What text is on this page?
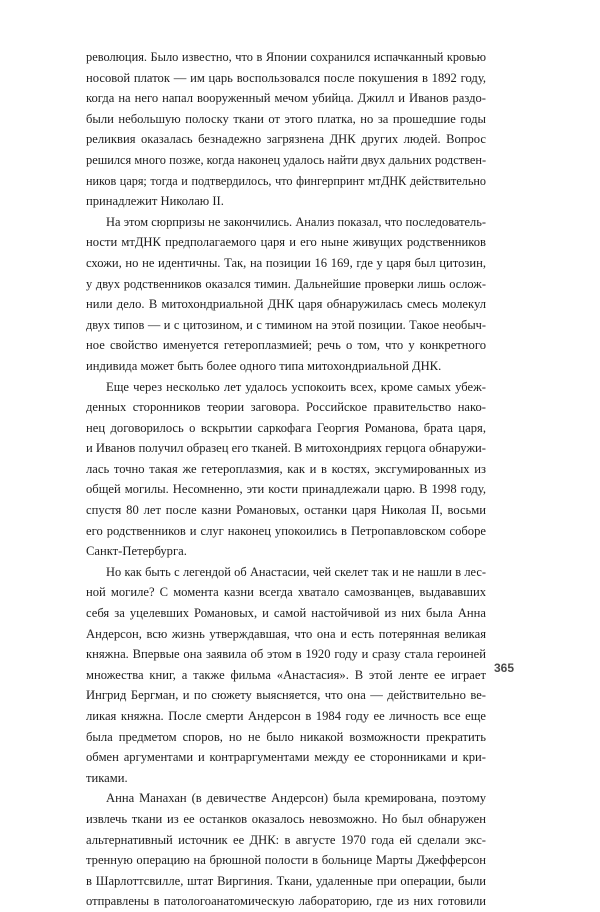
революция. Было известно, что в Японии сохранился испачканный кровью
носовой платок — им царь воспользовался после покушения в 1892 году,
когда на него напал вооруженный мечом убийца. Джилл и Иванов раздо-
были небольшую полоску ткани от этого платка, но за прошедшие годы
реликвия оказалась безнадежно загрязнена ДНК других людей. Вопрос
решился много позже, когда наконец удалось найти двух дальних родствен-
ников царя; тогда и подтвердилось, что фингерпринт мтДНК действительно
принадлежит Николаю II.
На этом сюрпризы не закончились. Анализ показал, что последователь-
ности мтДНК предполагаемого царя и его ныне живущих родственников
схожи, но не идентичны. Так, на позиции 16 169, где у царя был цитозин,
у двух родственников оказался тимин. Дальнейшие проверки лишь ослож-
нили дело. В митохондриальной ДНК царя обнаружилась смесь молекул
двух типов — и с цитозином, и с тимином на этой позиции. Такое необыч-
ное свойство именуется гетероплазмией; речь о том, что у конкретного
индивида может быть более одного типа митохондриальной ДНК.
Еще через несколько лет удалось успокоить всех, кроме самых убеж-
денных сторонников теории заговора. Российское правительство нако-
нец договорилось о вскрытии саркофага Георгия Романова, брата царя,
и Иванов получил образец его тканей. В митохондриях герцога обнаружи-
лась точно такая же гетероплазмия, как и в костях, эксгумированных из
общей могилы. Несомненно, эти кости принадлежали царю. В 1998 году,
спустя 80 лет после казни Романовых, останки царя Николая II, восьми
его родственников и слуг наконец упокоились в Петропавловском соборе
Санкт-Петербурга.
Но как быть с легендой об Анастасии, чей скелет так и не нашли в лес-
ной могиле? С момента казни всегда хватало самозванцев, выдававших
себя за уцелевших Романовых, и самой настойчивой из них была Анна
Андерсон, всю жизнь утверждавшая, что она и есть потерянная великая
княжна. Впервые она заявила об этом в 1920 году и сразу стала героиней
множества книг, а также фильма «Анастасия». В этой ленте ее играет
Ингрид Бергман, и по сюжету выясняется, что она — действительно ве-
ликая княжна. После смерти Андерсон в 1984 году ее личность все еще
была предметом споров, но не было никакой возможности прекратить
обмен аргументами и контраргументами между ее сторонниками и кри-
тиками.
Анна Манахан (в девичестве Андерсон) была кремирована, поэтому
извлечь ткани из ее останков оказалось невозможно. Но был обнаружен
альтернативный источник ее ДНК: в августе 1970 года ей сделали экс-
тренную операцию на брюшной полости в больнице Марты Джефферсон
в Шарлоттсвилле, штат Виргиния. Ткани, удаленные при операции, были
отправлены в патологоанатомическую лабораторию, где из них готовили
365
